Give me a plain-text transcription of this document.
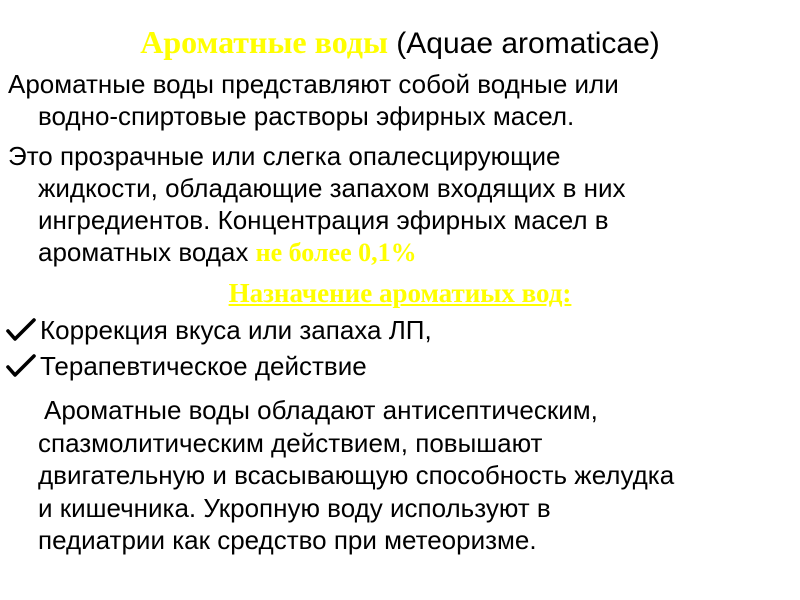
Ароматные воды (Aquae aromaticae)
Ароматные воды представляют собой водные или
водно-спиртовые растворы эфирных масел.
Это прозрачные или слегка опалесцирующие
жидкости, обладающие запахом входящих в них
ингредиентов. Концентрация эфирных масел в
ароматных водах не более 0,1%
Назначение ароматиых вод:
Коррекция вкуса или запаха ЛП,
Терапевтическое действие
Ароматные воды обладают антисептическим,
спазмолитическим действием, повышают
двигательную и всасывающую способность желудка
и кишечника. Укропную воду используют в
педиатрии как средство при метеоризме.
